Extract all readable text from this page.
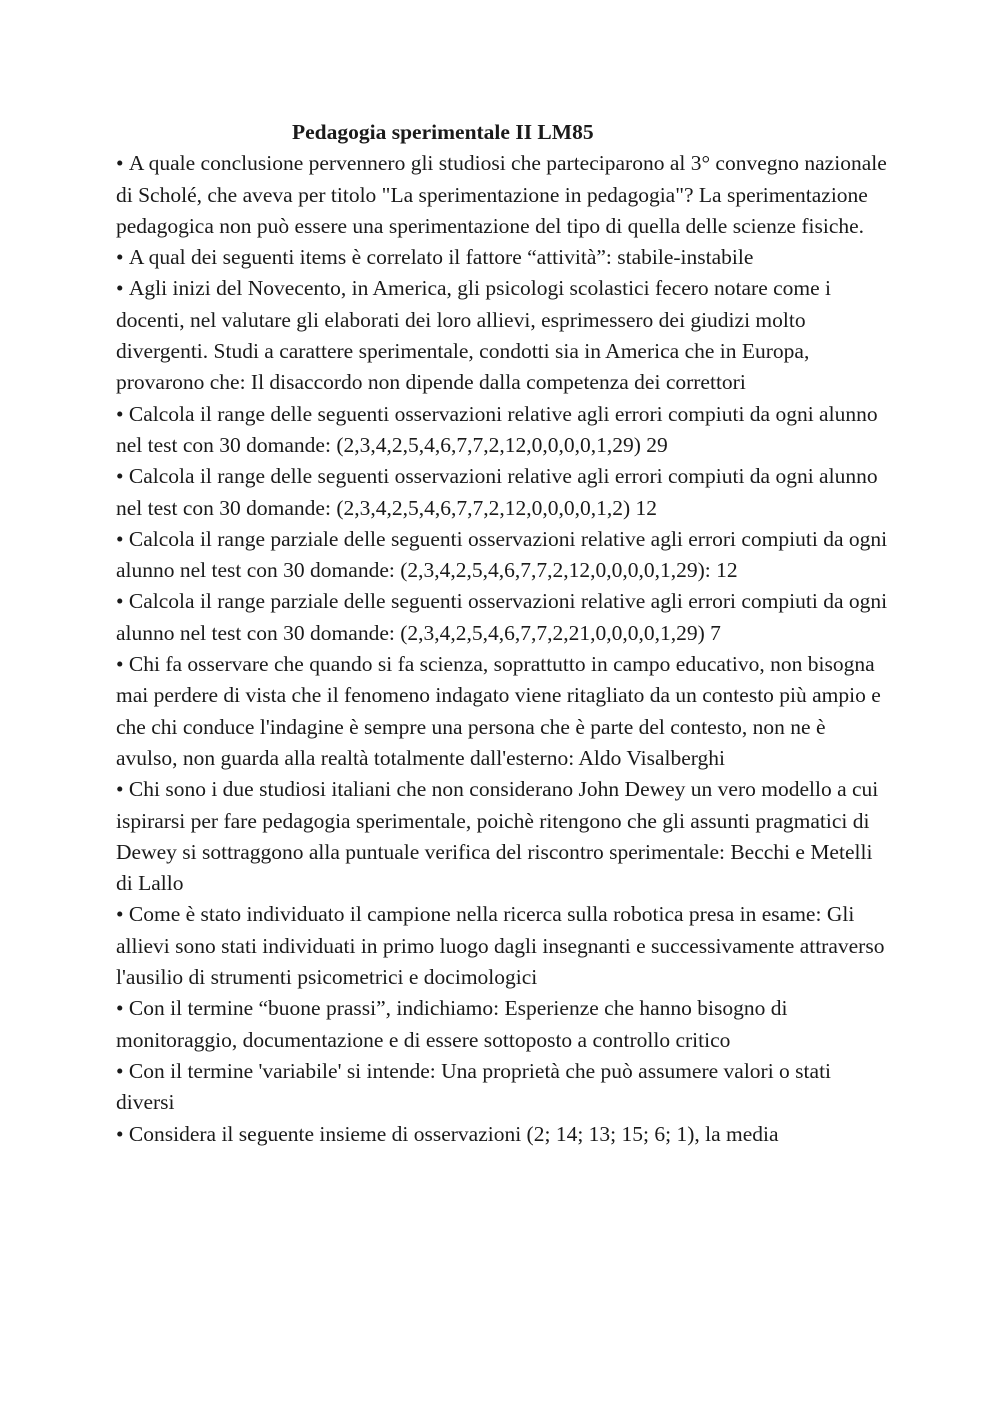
Pedagogia sperimentale II LM85
• A quale conclusione pervennero gli studiosi che parteciparono al 3° convegno nazionale di Scholé, che aveva per titolo "La sperimentazione in pedagogia"? La sperimentazione pedagogica non può essere una sperimentazione del tipo di quella delle scienze fisiche.
• A qual dei seguenti items è correlato il fattore “attività”: stabile-instabile
• Agli inizi del Novecento, in America, gli psicologi scolastici fecero notare come i docenti, nel valutare gli elaborati dei loro allievi, esprimessero dei giudizi molto divergenti. Studi a carattere sperimentale, condotti sia in America che in Europa, provarono che: Il disaccordo non dipende dalla competenza dei correttori
• Calcola il range delle seguenti osservazioni relative agli errori compiuti da ogni alunno nel test con 30 domande: (2,3,4,2,5,4,6,7,7,2,12,0,0,0,0,1,29) 29
• Calcola il range delle seguenti osservazioni relative agli errori compiuti da ogni alunno nel test con 30 domande: (2,3,4,2,5,4,6,7,7,2,12,0,0,0,0,1,2) 12
• Calcola il range parziale delle seguenti osservazioni relative agli errori compiuti da ogni alunno nel test con 30 domande: (2,3,4,2,5,4,6,7,7,2,12,0,0,0,0,1,29): 12
• Calcola il range parziale delle seguenti osservazioni relative agli errori compiuti da ogni alunno nel test con 30 domande: (2,3,4,2,5,4,6,7,7,2,21,0,0,0,0,1,29) 7
• Chi fa osservare che quando si fa scienza, soprattutto in campo educativo, non bisogna mai perdere di vista che il fenomeno indagato viene ritagliato da un contesto più ampio e che chi conduce l'indagine è sempre una persona che è parte del contesto, non ne è avulso, non guarda alla realtà totalmente dall'esterno: Aldo Visalberghi
• Chi sono i due studiosi italiani che non considerano John Dewey un vero modello a cui ispirarsi per fare pedagogia sperimentale, poichè ritengono che gli assunti pragmatici di Dewey si sottraggono alla puntuale verifica del riscontro sperimentale: Becchi e Metelli di Lallo
• Come è stato individuato il campione nella ricerca sulla robotica presa in esame: Gli allievi sono stati individuati in primo luogo dagli insegnanti e successivamente attraverso l'ausilio di strumenti psicometrici e docimologici
• Con il termine “buone prassi”, indichiamo: Esperienze che hanno bisogno di monitoraggio, documentazione e di essere sottoposto a controllo critico
• Con il termine 'variabile' si intende: Una proprietà che può assumere valori o stati diversi
• Considera il seguente insieme di osservazioni (2; 14; 13; 15; 6; 1), la media
